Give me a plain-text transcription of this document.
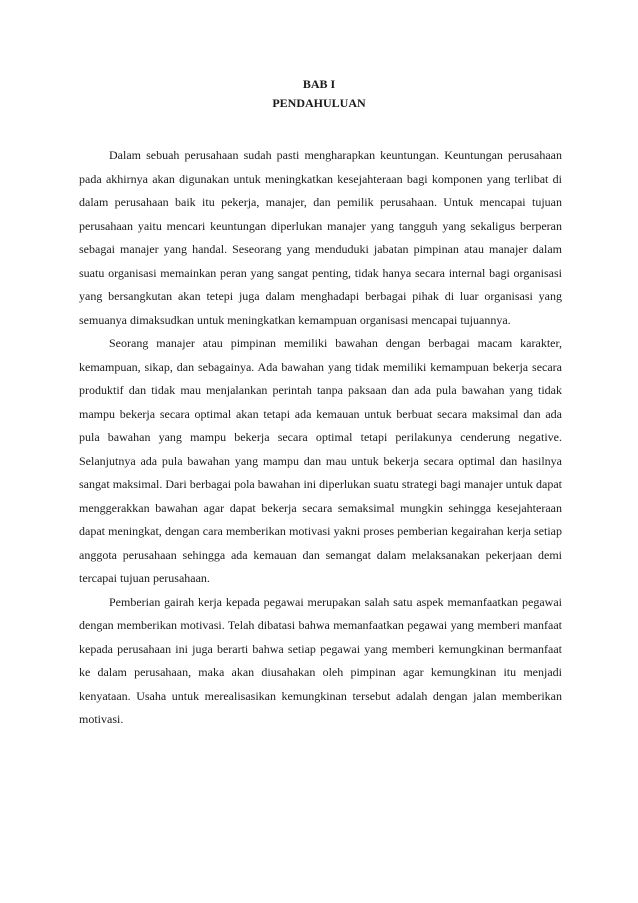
BAB I
PENDAHULUAN

Dalam sebuah perusahaan sudah pasti mengharapkan keuntungan. Keuntungan perusahaan pada akhirnya akan digunakan untuk meningkatkan kesejahteraan bagi komponen yang terlibat di dalam perusahaan baik itu pekerja, manajer, dan pemilik perusahaan. Untuk mencapai tujuan perusahaan yaitu mencari keuntungan diperlukan manajer yang tangguh yang sekaligus berperan sebagai manajer yang handal. Seseorang yang menduduki jabatan pimpinan atau manajer dalam suatu organisasi memainkan peran yang sangat penting, tidak hanya secara internal bagi organisasi yang bersangkutan akan tetepi juga dalam menghadapi berbagai pihak di luar organisasi yang semuanya dimaksudkan untuk meningkatkan kemampuan organisasi mencapai tujuannya.

Seorang manajer atau pimpinan memiliki bawahan dengan berbagai macam karakter, kemampuan, sikap, dan sebagainya. Ada bawahan yang tidak memiliki kemampuan bekerja secara produktif dan tidak mau menjalankan perintah tanpa paksaan dan ada pula bawahan yang tidak mampu bekerja secara optimal akan tetapi ada kemauan untuk berbuat secara maksimal dan ada pula bawahan yang mampu bekerja secara optimal tetapi perilakunya cenderung negative. Selanjutnya ada pula bawahan yang mampu dan mau untuk bekerja secara optimal dan hasilnya sangat maksimal. Dari berbagai pola bawahan ini diperlukan suatu strategi bagi manajer untuk dapat menggerakkan bawahan agar dapat bekerja secara semaksimal mungkin sehingga kesejahteraan dapat meningkat, dengan cara memberikan motivasi yakni proses pemberian kegairahan kerja setiap anggota perusahaan sehingga ada kemauan dan semangat dalam melaksanakan pekerjaan demi tercapai tujuan perusahaan.

Pemberian gairah kerja kepada pegawai merupakan salah satu aspek memanfaatkan pegawai dengan memberikan motivasi. Telah dibatasi bahwa memanfaatkan pegawai yang memberi manfaat kepada perusahaan ini juga berarti bahwa setiap pegawai yang memberi kemungkinan bermanfaat ke dalam perusahaan, maka akan diusahakan oleh pimpinan agar kemungkinan itu menjadi kenyataan. Usaha untuk merealisasikan kemungkinan tersebut adalah dengan jalan memberikan motivasi.
